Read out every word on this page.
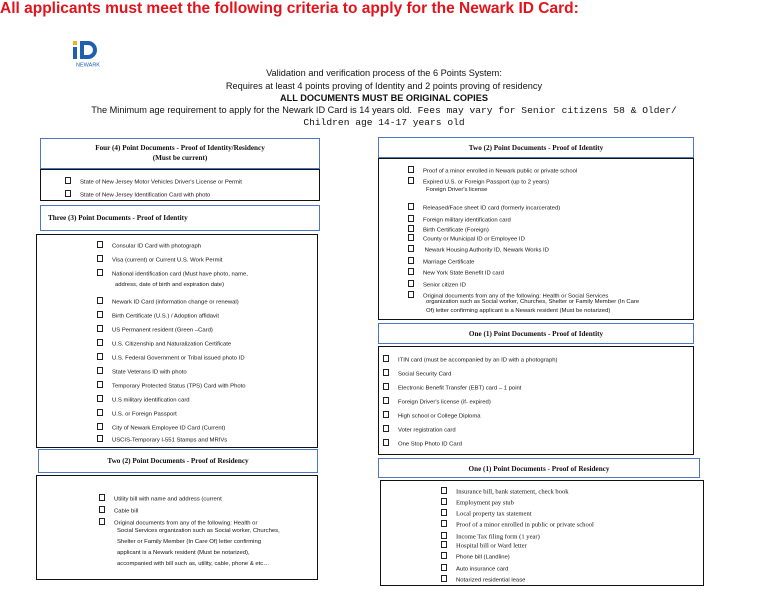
NEWARK
All applicants must meet the following criteria to apply for the Newark ID Card:
Validation and verification process of the 6 Points System:
Requires at least 4 points proving of Identity and 2 points proving of residency
ALL DOCUMENTS MUST BE ORIGINAL COPIES
The Minimum age requirement to apply for the Newark ID Card is 14 years old. Fees may vary for Senior citizens 58 & Older/
Children age 14-17 years old
Four (4) Point Documents - Proof of Identity/Residency
(Must be current)
State of New Jersey Motor Vehicles Driver's License or Permit
State of New Jersey Identification Card with photo
Three (3) Point Documents - Proof of Identity
Consular ID Card with photograph
Visa (current) or Current U.S. Work Permit
National identification card (Must have photo, name,
address, date of birth and expiration date)
Newark ID Card (information change or renewal)
Birth Certificate (U.S.) / Adoption affidavit
US Permanent resident (Green –Card)
U.S. Citizenship and Naturalization Certificate
U.S. Federal Government or Tribal issued photo ID
State Veterans ID with photo
Temporary Protected Status (TPS) Card with Photo
U.S military identification card
U.S. or Foreign Passport
City of Newark Employee ID Card (Current)
USCIS-Temporary I-551 Stamps and MRIVs
Two (2) Point Documents - Proof of Residency
Utility bill with name and address (current
Cable bill
Original documents from any of the following: Health or
Social Services organization such as Social worker, Churches,
Shelter or Family Member (In Care Of) letter confirming
applicant is a Newark resident (Must be notarized),
accompanied with bill such as, utility, cable, phone & etc…
Two (2) Point Documents - Proof of Identity
Proof of a minor enrolled in Newark public or private school
Expired U.S. or Foreign Passport (up to 2 years)
Foreign Driver's license
Released/Face sheet ID card (formerly incarcerated)
Foreign military identification card
Birth Certificate (Foreign)
County or Municipal ID or Employee ID
Newark Housing Authority ID, Newark Works ID
Marriage Certificate
New York State Benefit ID card
Senior citizen ID
Original documents from any of the following: Health or Social Services
organization such as Social worker, Churches, Shelter or Family Member (In Care
Of) letter confirming applicant is a Newark resident (Must be notarized)
One (1) Point Documents - Proof of Identity
ITIN card (must be accompanied by an ID with a photograph)
Social Security Card
Electronic Benefit Transfer (EBT) card – 1 point
Foreign Driver's license (if- expired)
High school or College Diploma
Voter registration card
One Stop Photo ID Card
One (1) Point Documents - Proof of Residency
Insurance bill, bank statement, check book
Employment pay stub
Local property tax statement
Proof of a minor enrolled in public or private school
Income Tax filing form (1 year)
Hospital bill or Ward letter
Phone bill (Landline)
Auto insurance card
Notarized residential lease
